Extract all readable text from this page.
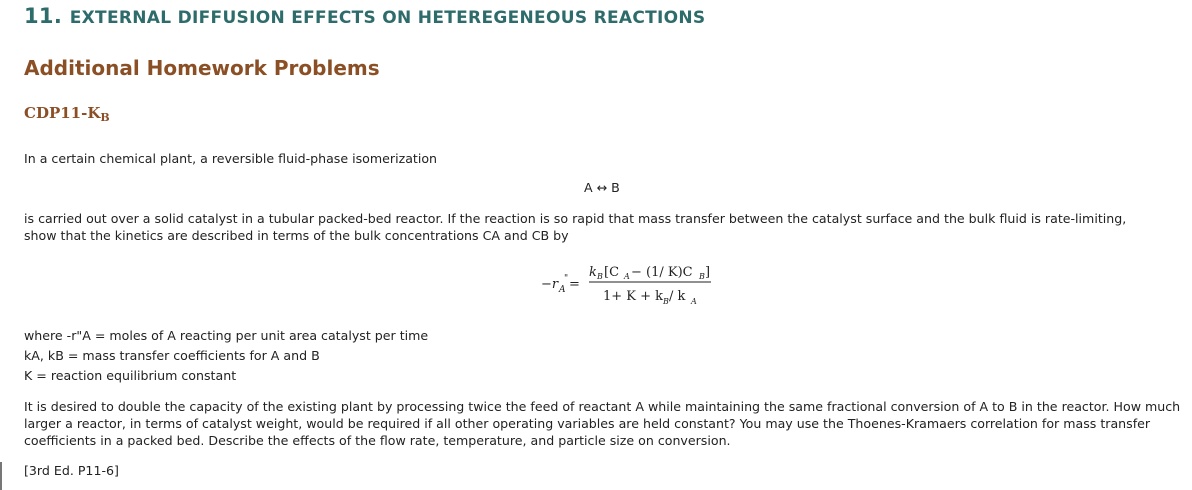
11. EXTERNAL DIFFUSION EFFECTS ON HETEREGENEOUS REACTIONS
Additional Homework Problems
$CDP11-K_B$

In a certain chemical plant, a reversible fluid-phase isomerization

A ↔ B

is carried out over a solid catalyst in a tubular packed-bed reactor. If the reaction is so rapid that mass transfer between the catalyst surface and the bulk fluid is rate-limiting, show that the kinetics are described in terms of the bulk concentrations CA and CB by

−r A
" =
k B [C A − (1/ K)C B ]
1+ K + k B / k A
where -r"A = moles of A reacting per unit area catalyst per time
kA, kB = mass transfer coefficients for A and B
K = reaction equilibrium constant

It is desired to double the capacity of the existing plant by processing twice the feed of reactant A while maintaining the same fractional conversion of A to B in the reactor. How much larger a reactor, in terms of catalyst weight, would be required if all other operating variables are held constant? You may use the Thoenes-Kramaers correlation for mass transfer coefficients in a packed bed. Describe the effects of the flow rate, temperature, and particle size on conversion.

[3rd Ed. P11-6]
